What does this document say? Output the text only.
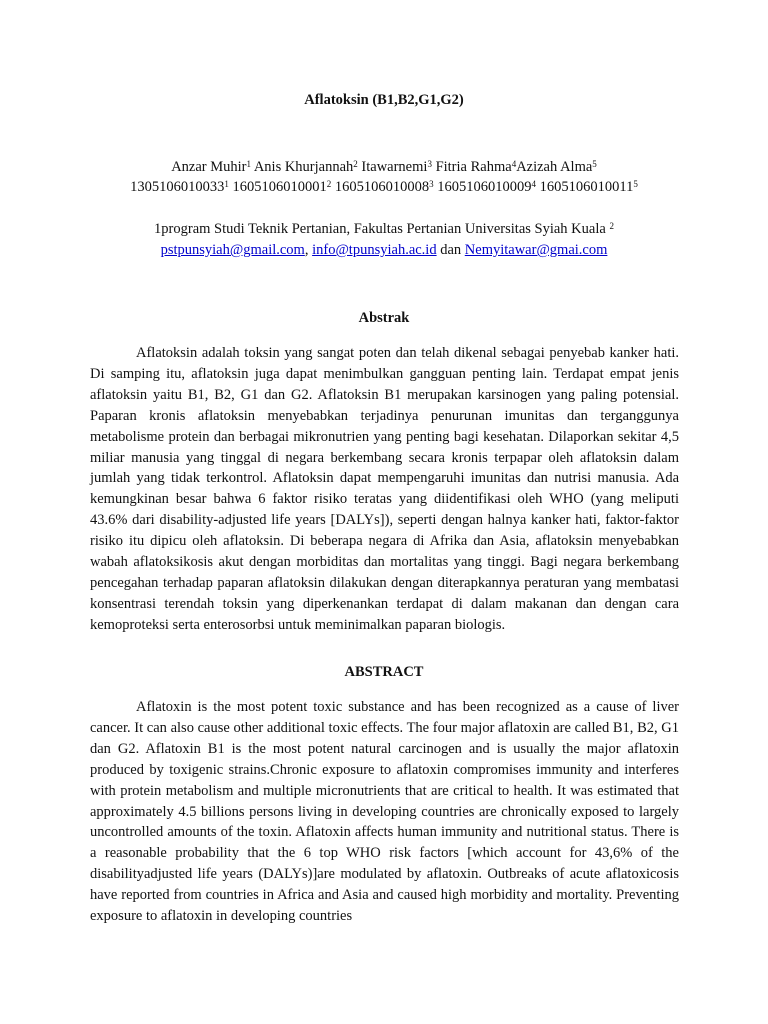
Aflatoksin (B1,B2,G1,G2)
Anzar Muhir$^1$ Anis Khurjannah$^2$ Itawarnemi$^3$ Fitria Rahma$^4$Azizah Alma$^5$
1305106010033$^1$ 1605106010001$^2$ 1605106010008$^3$ 1605106010009$^4$ 1605106010011$^5$
1program Studi Teknik Pertanian, Fakultas Pertanian Universitas Syiah Kuala $^2$
pstpunsyiah@gmail.com, info@tpunsyiah.ac.id dan Nemyitawar@gmai.com
Abstrak

Aflatoksin adalah toksin yang sangat poten dan telah dikenal sebagai penyebab kanker hati. Di samping itu, aflatoksin juga dapat menimbulkan gangguan penting lain. Terdapat empat jenis aflatoksin yaitu B1, B2, G1 dan G2. Aflatoksin B1 merupakan karsinogen yang paling potensial. Paparan kronis aflatoksin menyebabkan terjadinya penurunan imunitas dan terganggunya metabolisme protein dan berbagai mikronutrien yang penting bagi kesehatan. Dilaporkan sekitar 4,5 miliar manusia yang tinggal di negara berkembang secara kronis terpapar oleh aflatoksin dalam jumlah yang tidak terkontrol. Aflatoksin dapat mempengaruhi imunitas dan nutrisi manusia. Ada kemungkinan besar bahwa 6 faktor risiko teratas yang diidentifikasi oleh WHO (yang meliputi 43.6% dari disability-adjusted life years [DALYs]), seperti dengan halnya kanker hati, faktor-faktor risiko itu dipicu oleh aflatoksin. Di beberapa negara di Afrika dan Asia, aflatoksin menyebabkan wabah aflatoksikosis akut dengan morbiditas dan mortalitas yang tinggi. Bagi negara berkembang pencegahan terhadap paparan aflatoksin dilakukan dengan diterapkannya peraturan yang membatasi konsentrasi terendah toksin yang diperkenankan terdapat di dalam makanan dan dengan cara kemoproteksi serta enterosorbsi untuk meminimalkan paparan biologis.

ABSTRACT

Aflatoxin is the most potent toxic substance and has been recognized as a cause of liver cancer. It can also cause other additional toxic effects. The four major aflatoxin are called B1, B2, G1 dan G2. Aflatoxin B1 is the most potent natural carcinogen and is usually the major aflatoxin produced by toxigenic strains.Chronic exposure to aflatoxin compromises immunity and interferes with protein metabolism and multiple micronutrients that are critical to health. It was estimated that approximately 4.5 billions persons living in developing countries are chronically exposed to largely uncontrolled amounts of the toxin. Aflatoxin affects human immunity and nutritional status. There is a reasonable probability that the 6 top WHO risk factors [which account for 43,6% of the disabilityadjusted life years (DALYs)]are modulated by aflatoxin. Outbreaks of acute aflatoxicosis have reported from countries in Africa and Asia and caused high morbidity and mortality. Preventing exposure to aflatoxin in developing countries
